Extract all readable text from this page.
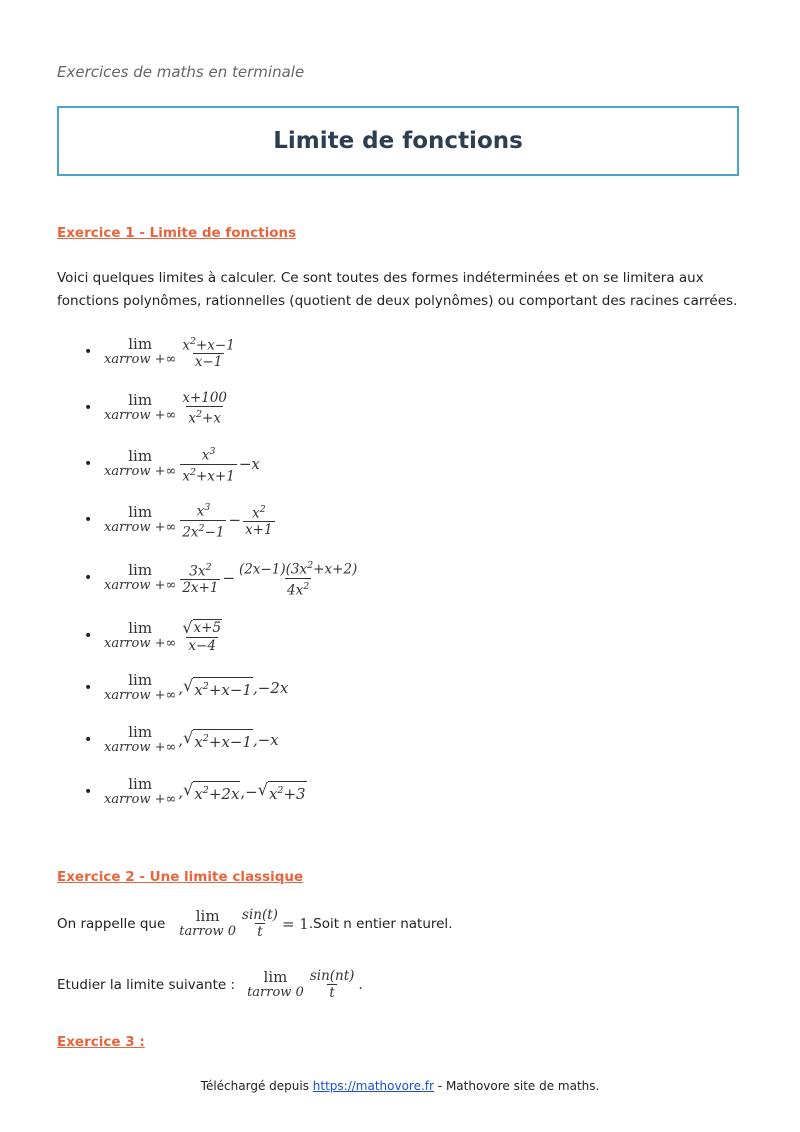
Exercices de maths en terminale
Limite de fonctions
Exercice 1 - Limite de fonctions

Voici quelques limites à calculer. Ce sont toutes des formes indéterminées et on se limitera aux fonctions polynômes, rationnelles (quotient de deux polynômes) ou comportant des racines carrées.

•	lim
xarrow +∞ $\frac{x^2+x-1}{x-1}$
•	lim
xarrow +∞ $\frac{x+100}{x^2+x}$
•	lim
xarrow +∞ $\frac{x^3}{x^2+x+1} -x$
•	lim
xarrow +∞ $\frac{x^3}{2x^2-1} - \frac{x^2}{x+1}$
•	lim
xarrow +∞ $\frac{3x^2}{2x+1} - \frac{(2x-1)(3x^2+x+2)}{4x^2}$
•	lim
xarrow +∞ $\frac{√ x+5}{x-4}$
•	lim
xarrow +∞ , √ $x^2+x-1$ ,−2x
•	lim
xarrow +∞ , √ $x^2+x-1$ ,−x
•	lim
xarrow +∞ , √ $x^2+2x$ ,− √ $x^2+3$
Exercice 2 - Une limite classique
On rappelle que lim
tarrow $0 \frac{\sin(t)}{t} = 1$ .Soit n entier naturel.
Etudier la limite suivante : lim
tarrow $0 \frac{\sin(nt)}{t}$ .
Exercice 3 :
Téléchargé depuis https://mathovore.fr - Mathovore site de maths.
